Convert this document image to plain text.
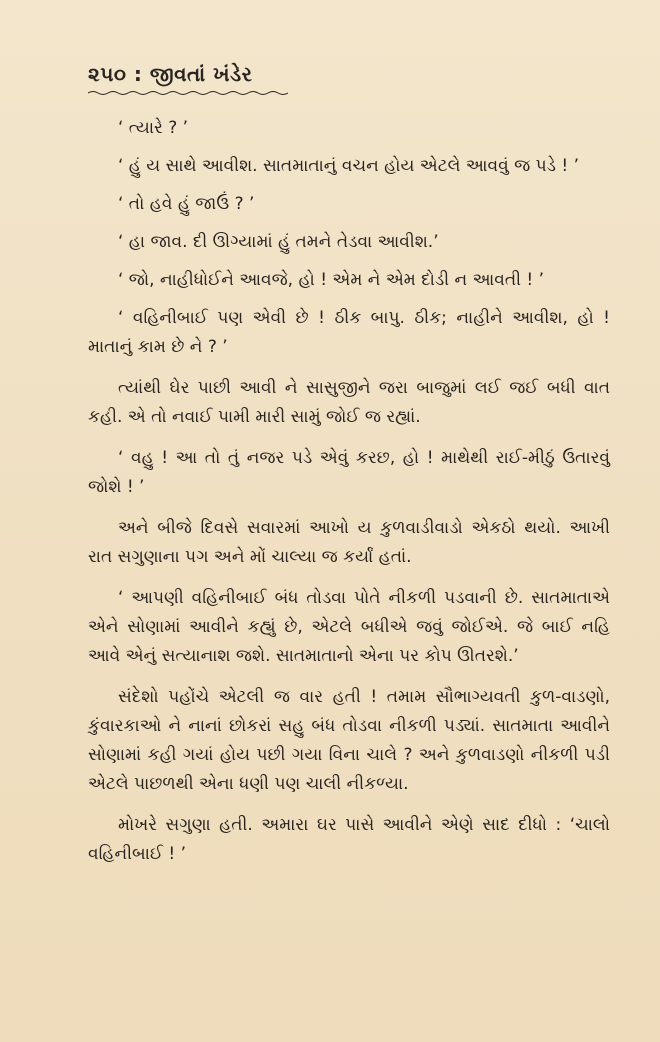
૨૫૦ : જીવતાં ખંડેર

‘ ત્યારે ? ’

‘ હું ય સાથે આવીશ. સાતમાતાનું વચન હોય એટલે આવવું જ પડે ! ’

‘ તો હવે હું જાઉં ? ’

‘ હા જાવ. દી ઊગ્યામાં હું તમને તેડવા આવીશ.’

‘ જો, નાહીધોઈને આવજે, હો ! એમ ને એમ દોડી ન આવતી ! ’

‘ વહિનીબાઈ પણ એવી છે ! ઠીક બાપુ. ઠીક; નાહીને આવીશ, હો ! માતાનું કામ છે ને ? ’

ત્યાંથી ઘેર પાછી આવી ને સાસુજીને જરા બાજુમાં લઈ જઈ બધી વાત કહી. એ તો નવાઈ પામી મારી સામું જોઈ જ રહ્યાં.

‘ વહુ ! આ તો તું નજર પડે એવું કરછ, હો ! માથેથી રાઈ-મીઠું ઉતારવું જોશે ! ’

અને બીજે દિવસે સવારમાં આખો ય કુળવાડીવાડો એકઠો થયો. આખી રાત સગુણાના પગ અને મોં ચાલ્યા જ કર્યાં હતાં.

‘ આપણી વહિનીબાઈ બંધ તોડવા પોતે નીકળી પડવાની છે. સાતમાતાએ એને સોણામાં આવીને કહ્યું છે, એટલે બધીએ જવું જોઈએ. જે બાઈ નહિ આવે એનું સત્યાનાશ જશે. સાતમાતાનો એના પર કોપ ઊતરશે.’

સંદેશો પહોંચે એટલી જ વાર હતી ! તમામ સૌભાગ્યવતી કુળ-વાડણો, કુંવારકાઓ ને નાનાં છોકરાં સહુ બંધ તોડવા નીકળી પડ્યાં. સાતમાતા આવીને સોણામાં કહી ગયાં હોય પછી ગયા વિના ચાલે ? અને કુળવાડણો નીકળી પડી એટલે પાછળથી એના ધણી પણ ચાલી નીકળ્યા.

મોખરે સગુણા હતી. અમારા ઘર પાસે આવીને એણે સાદ દીધો : ‘ચાલો વહિનીબાઈ ! ’
